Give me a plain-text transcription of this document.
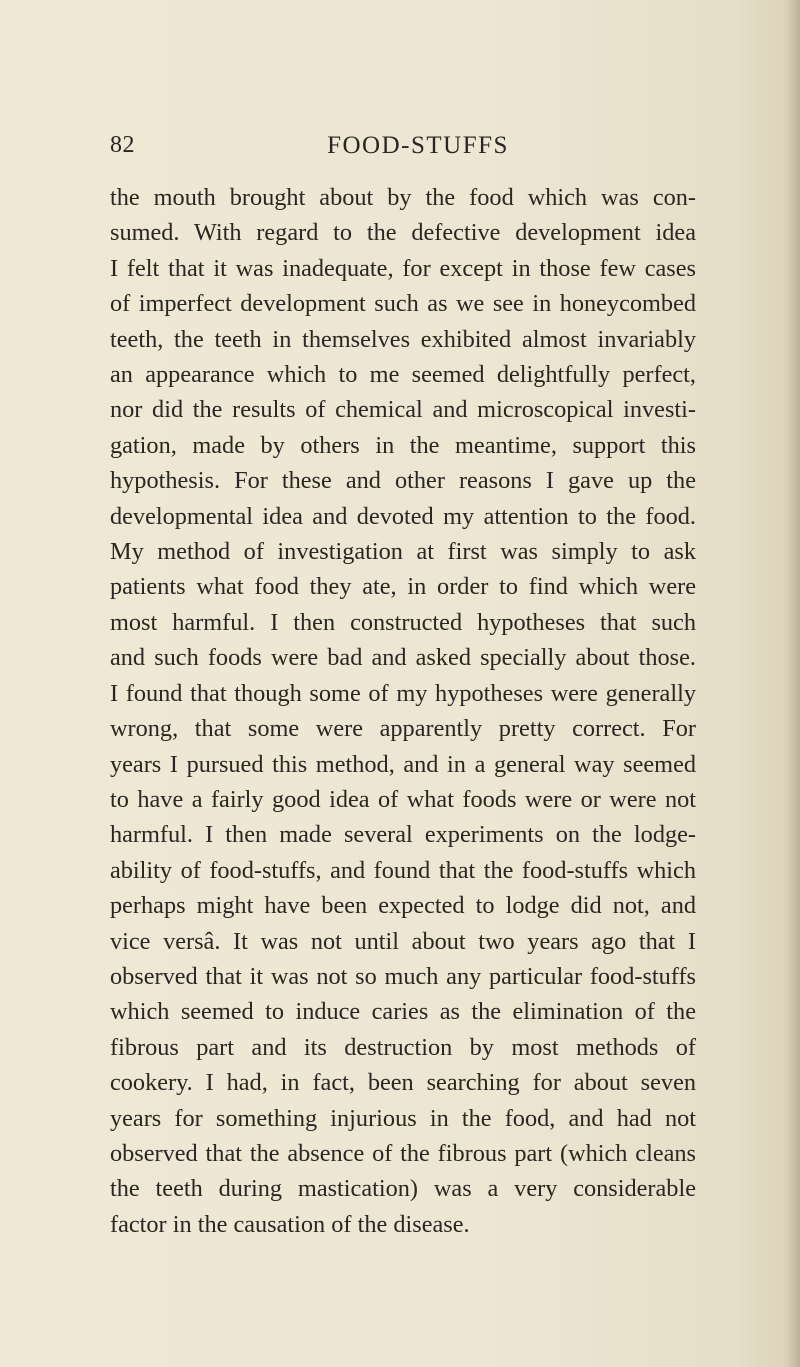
82	FOOD-STUFFS
the mouth brought about by the food which was con-
sumed. With regard to the defective development idea
I felt that it was inadequate, for except in those few cases
of imperfect development such as we see in honeycombed
teeth, the teeth in themselves exhibited almost invariably
an appearance which to me seemed delightfully perfect,
nor did the results of chemical and microscopical investi-
gation, made by others in the meantime, support this
hypothesis. For these and other reasons I gave up the
developmental idea and devoted my attention to the food.
My method of investigation at first was simply to ask
patients what food they ate, in order to find which were
most harmful. I then constructed hypotheses that such
and such foods were bad and asked specially about those.
I found that though some of my hypotheses were generally
wrong, that some were apparently pretty correct. For
years I pursued this method, and in a general way seemed
to have a fairly good idea of what foods were or were not
harmful. I then made several experiments on the lodge-
ability of food-stuffs, and found that the food-stuffs which
perhaps might have been expected to lodge did not, and
vice versâ. It was not until about two years ago that I
observed that it was not so much any particular food-stuffs
which seemed to induce caries as the elimination of the
fibrous part and its destruction by most methods of
cookery. I had, in fact, been searching for about seven
years for something injurious in the food, and had not
observed that the absence of the fibrous part (which cleans
the teeth during mastication) was a very considerable
factor in the causation of the disease.
